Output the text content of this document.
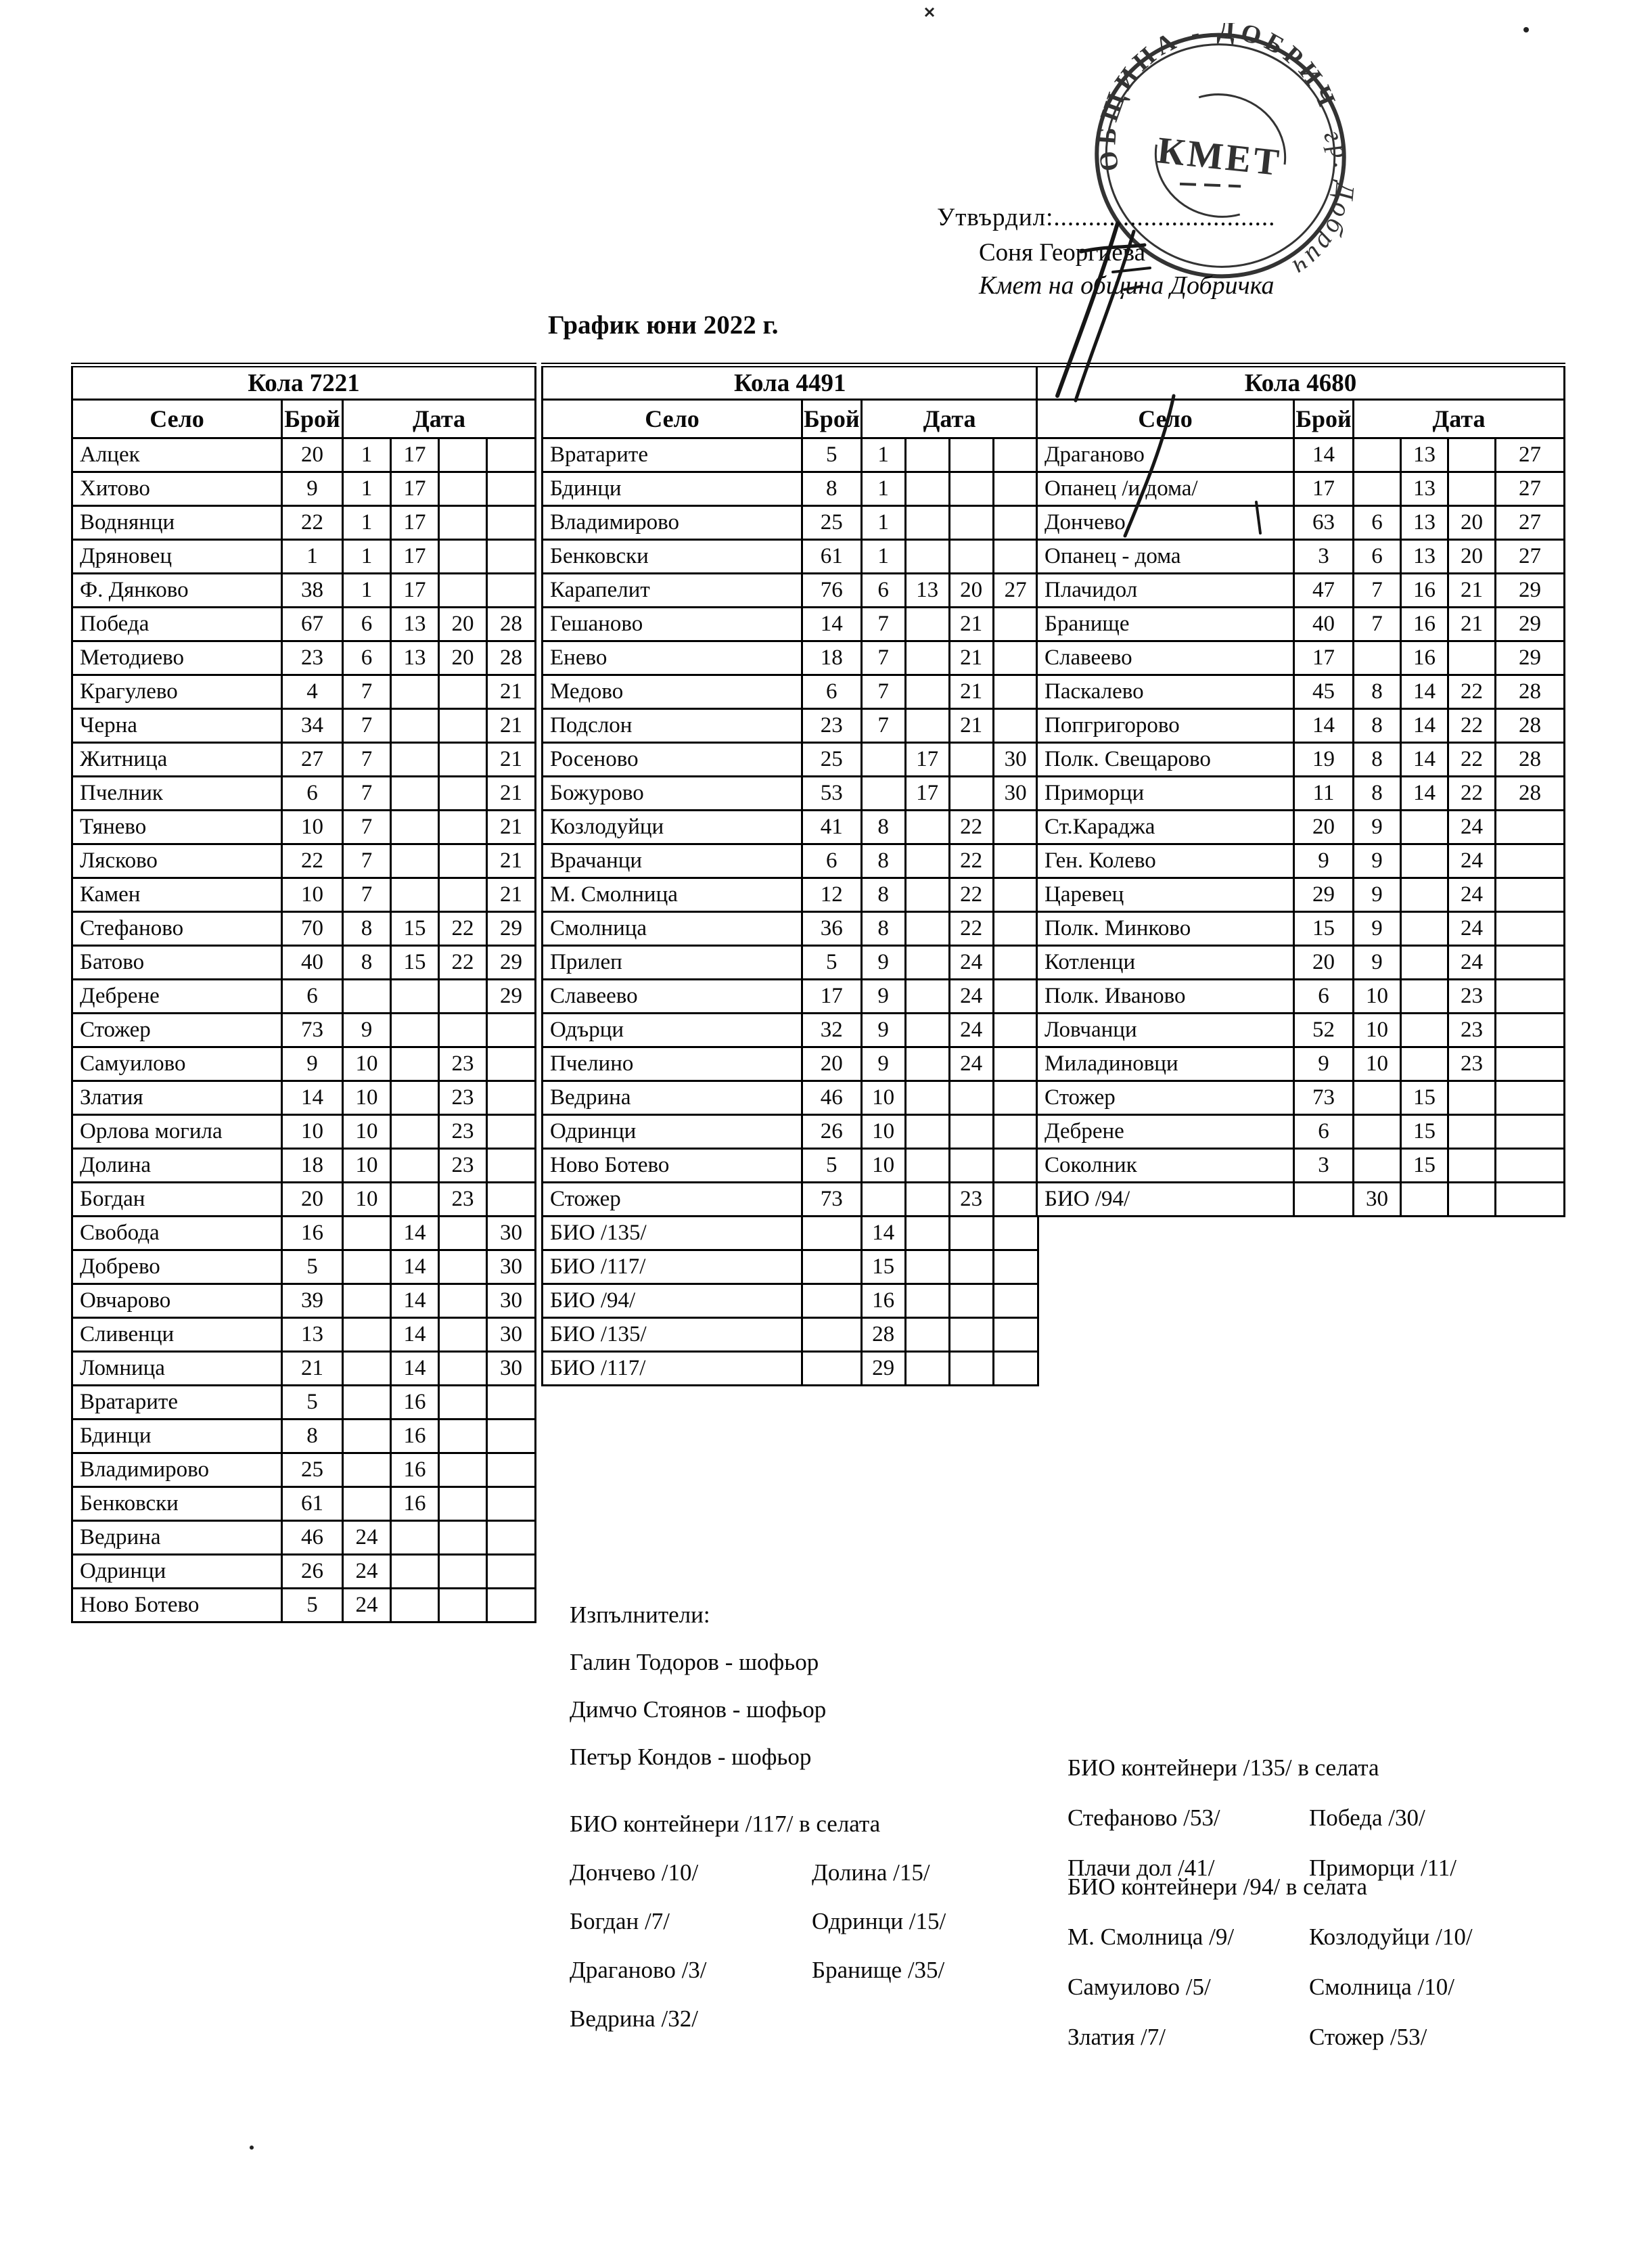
ОБЩИНА - ДОБРИЧ
гр. Добрич
КМЕТ
Утвърдил:................................
Соня Георгиева
Кмет на община Добричка
График юни 2022 г.
Кола 7221					
Село	Брой	Дата			
Алцек	20	1	17		
Хитово	9	1	17		
Воднянци	22	1	17		
Дряновец	1	1	17		
Ф. Дянково	38	1	17		
Победа	67	6	13	20	28
Методиево	23	6	13	20	28
Крагулево	4	7			21
Черна	34	7			21
Житница	27	7			21
Пчелник	6	7			21
Тянево	10	7			21
Лясково	22	7			21
Камен	10	7			21
Стефаново	70	8	15	22	29
Батово	40	8	15	22	29
Дебрене	6				29
Стожер	73	9			
Самуилово	9	10		23	
Златия	14	10		23	
Орлова могила	10	10		23	
Долина	18	10		23	
Богдан	20	10		23	
Свобода	16		14		30
Добрево	5		14		30
Овчарово	39		14		30
Сливенци	13		14		30
Ломница	21		14		30
Вратарите	5		16		
Бдинци	8		16		
Владимирово	25		16		
Бенковски	61		16		
Ведрина	46	24			
Одринци	26	24			
Ново Ботево	5	24			
Кола 4491					
Село	Брой	Дата			
Вратарите	5	1			
Бдинци	8	1			
Владимирово	25	1			
Бенковски	61	1			
Карапелит	76	6	13	20	27
Гешаново	14	7		21	
Енево	18	7		21	
Медово	6	7		21	
Подслон	23	7		21	
Росеново	25		17		30
Божурово	53		17		30
Козлодуйци	41	8		22	
Врачанци	6	8		22	
М. Смолница	12	8		22	
Смолница	36	8		22	
Прилеп	5	9		24	
Славеево	17	9		24	
Одърци	32	9		24	
Пчелино	20	9		24	
Ведрина	46	10			
Одринци	26	10			
Ново Ботево	5	10			
Стожер	73			23	
БИО /135/		14			
БИО /117/		15			
БИО /94/		16			
БИО /135/		28			
БИО /117/		29			
Кола 4680					
Село	Брой	Дата			
Драганово	14		13		27
Опанец /и дома/	17		13		27
Дончево	63	6	13	20	27
Опанец - дома	3	6	13	20	27
Плачидол	47	7	16	21	29
Бранище	40	7	16	21	29
Славеево	17		16		29
Паскалево	45	8	14	22	28
Попгригорово	14	8	14	22	28
Полк. Свещарово	19	8	14	22	28
Приморци	11	8	14	22	28
Ст.Караджа	20	9		24	
Ген. Колево	9	9		24	
Царевец	29	9		24	
Полк. Минково	15	9		24	
Котленци	20	9		24	
Полк. Иваново	6	10		23	
Ловчанци	52	10		23	
Миладиновци	9	10		23	
Стожер	73		15		
Дебрене	6		15		
Соколник	3		15		
БИО /94/		30			
Изпълнители:
Галин Тодоров - шофьор
Димчо Стоянов - шофьор
Петър Кондов - шофьор
БИО контейнери /117/ в селата
Дончево /10/
Богдан /7/
Драганово /3/
Ведрина /32/
Долина /15/
Одринци /15/
Бранище /35/
БИО контейнери /135/ в селата
Стефаново /53/
Плачи дол /41/
Победа /30/
Приморци /11/
БИО контейнери /94/ в селата
М. Смолница /9/
Самуилово /5/
Златия /7/
Козлодуйци /10/
Смолница /10/
Стожер /53/
